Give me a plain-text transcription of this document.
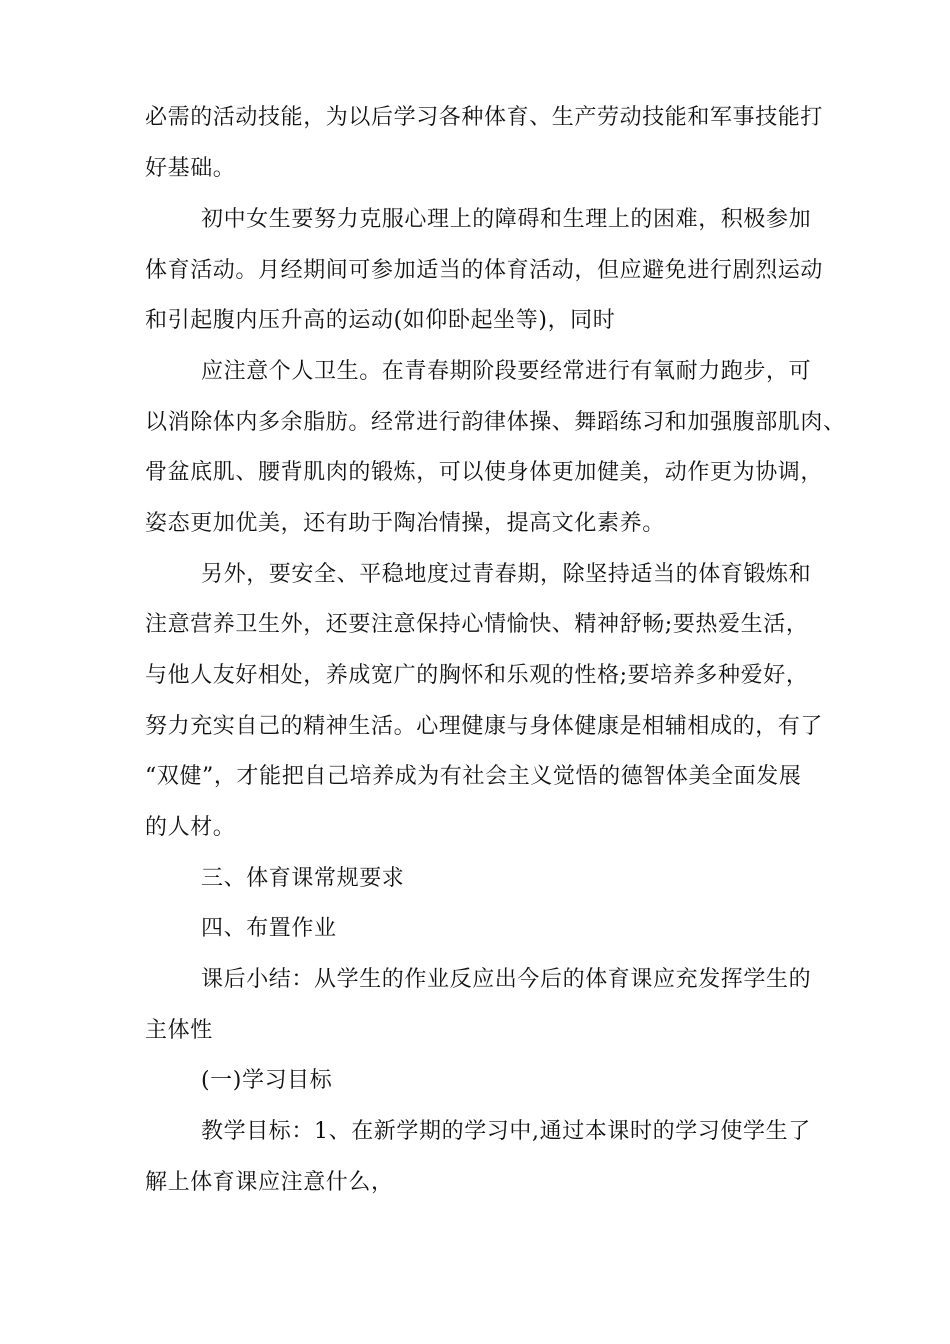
必需的活动技能，为以后学习各种体育、生产劳动技能和军事技能打
好基础。
初中女生要努力克服心理上的障碍和生理上的困难，积极参加
体育活动。月经期间可参加适当的体育活动，但应避免进行剧烈运动
和引起腹内压升高的运动(如仰卧起坐等)，同时
应注意个人卫生。在青春期阶段要经常进行有氧耐力跑步，可
以消除体内多余脂肪。经常进行韵律体操、舞蹈练习和加强腹部肌肉、
骨盆底肌、腰背肌肉的锻炼，可以使身体更加健美，动作更为协调，
姿态更加优美，还有助于陶冶情操，提高文化素养。
另外，要安全、平稳地度过青春期，除坚持适当的体育锻炼和
注意营养卫生外，还要注意保持心情愉快、精神舒畅;要热爱生活，
与他人友好相处，养成宽广的胸怀和乐观的性格;要培养多种爱好，
努力充实自己的精神生活。心理健康与身体健康是相辅相成的，有了
“双健”，才能把自己培养成为有社会主义觉悟的德智体美全面发展
的人材。
三、体育课常规要求
四、布置作业
课后小结：从学生的作业反应出今后的体育课应充发挥学生的
主体性
(一)学习目标
教学目标：1、在新学期的学习中,通过本课时的学习使学生了
解上体育课应注意什么，
